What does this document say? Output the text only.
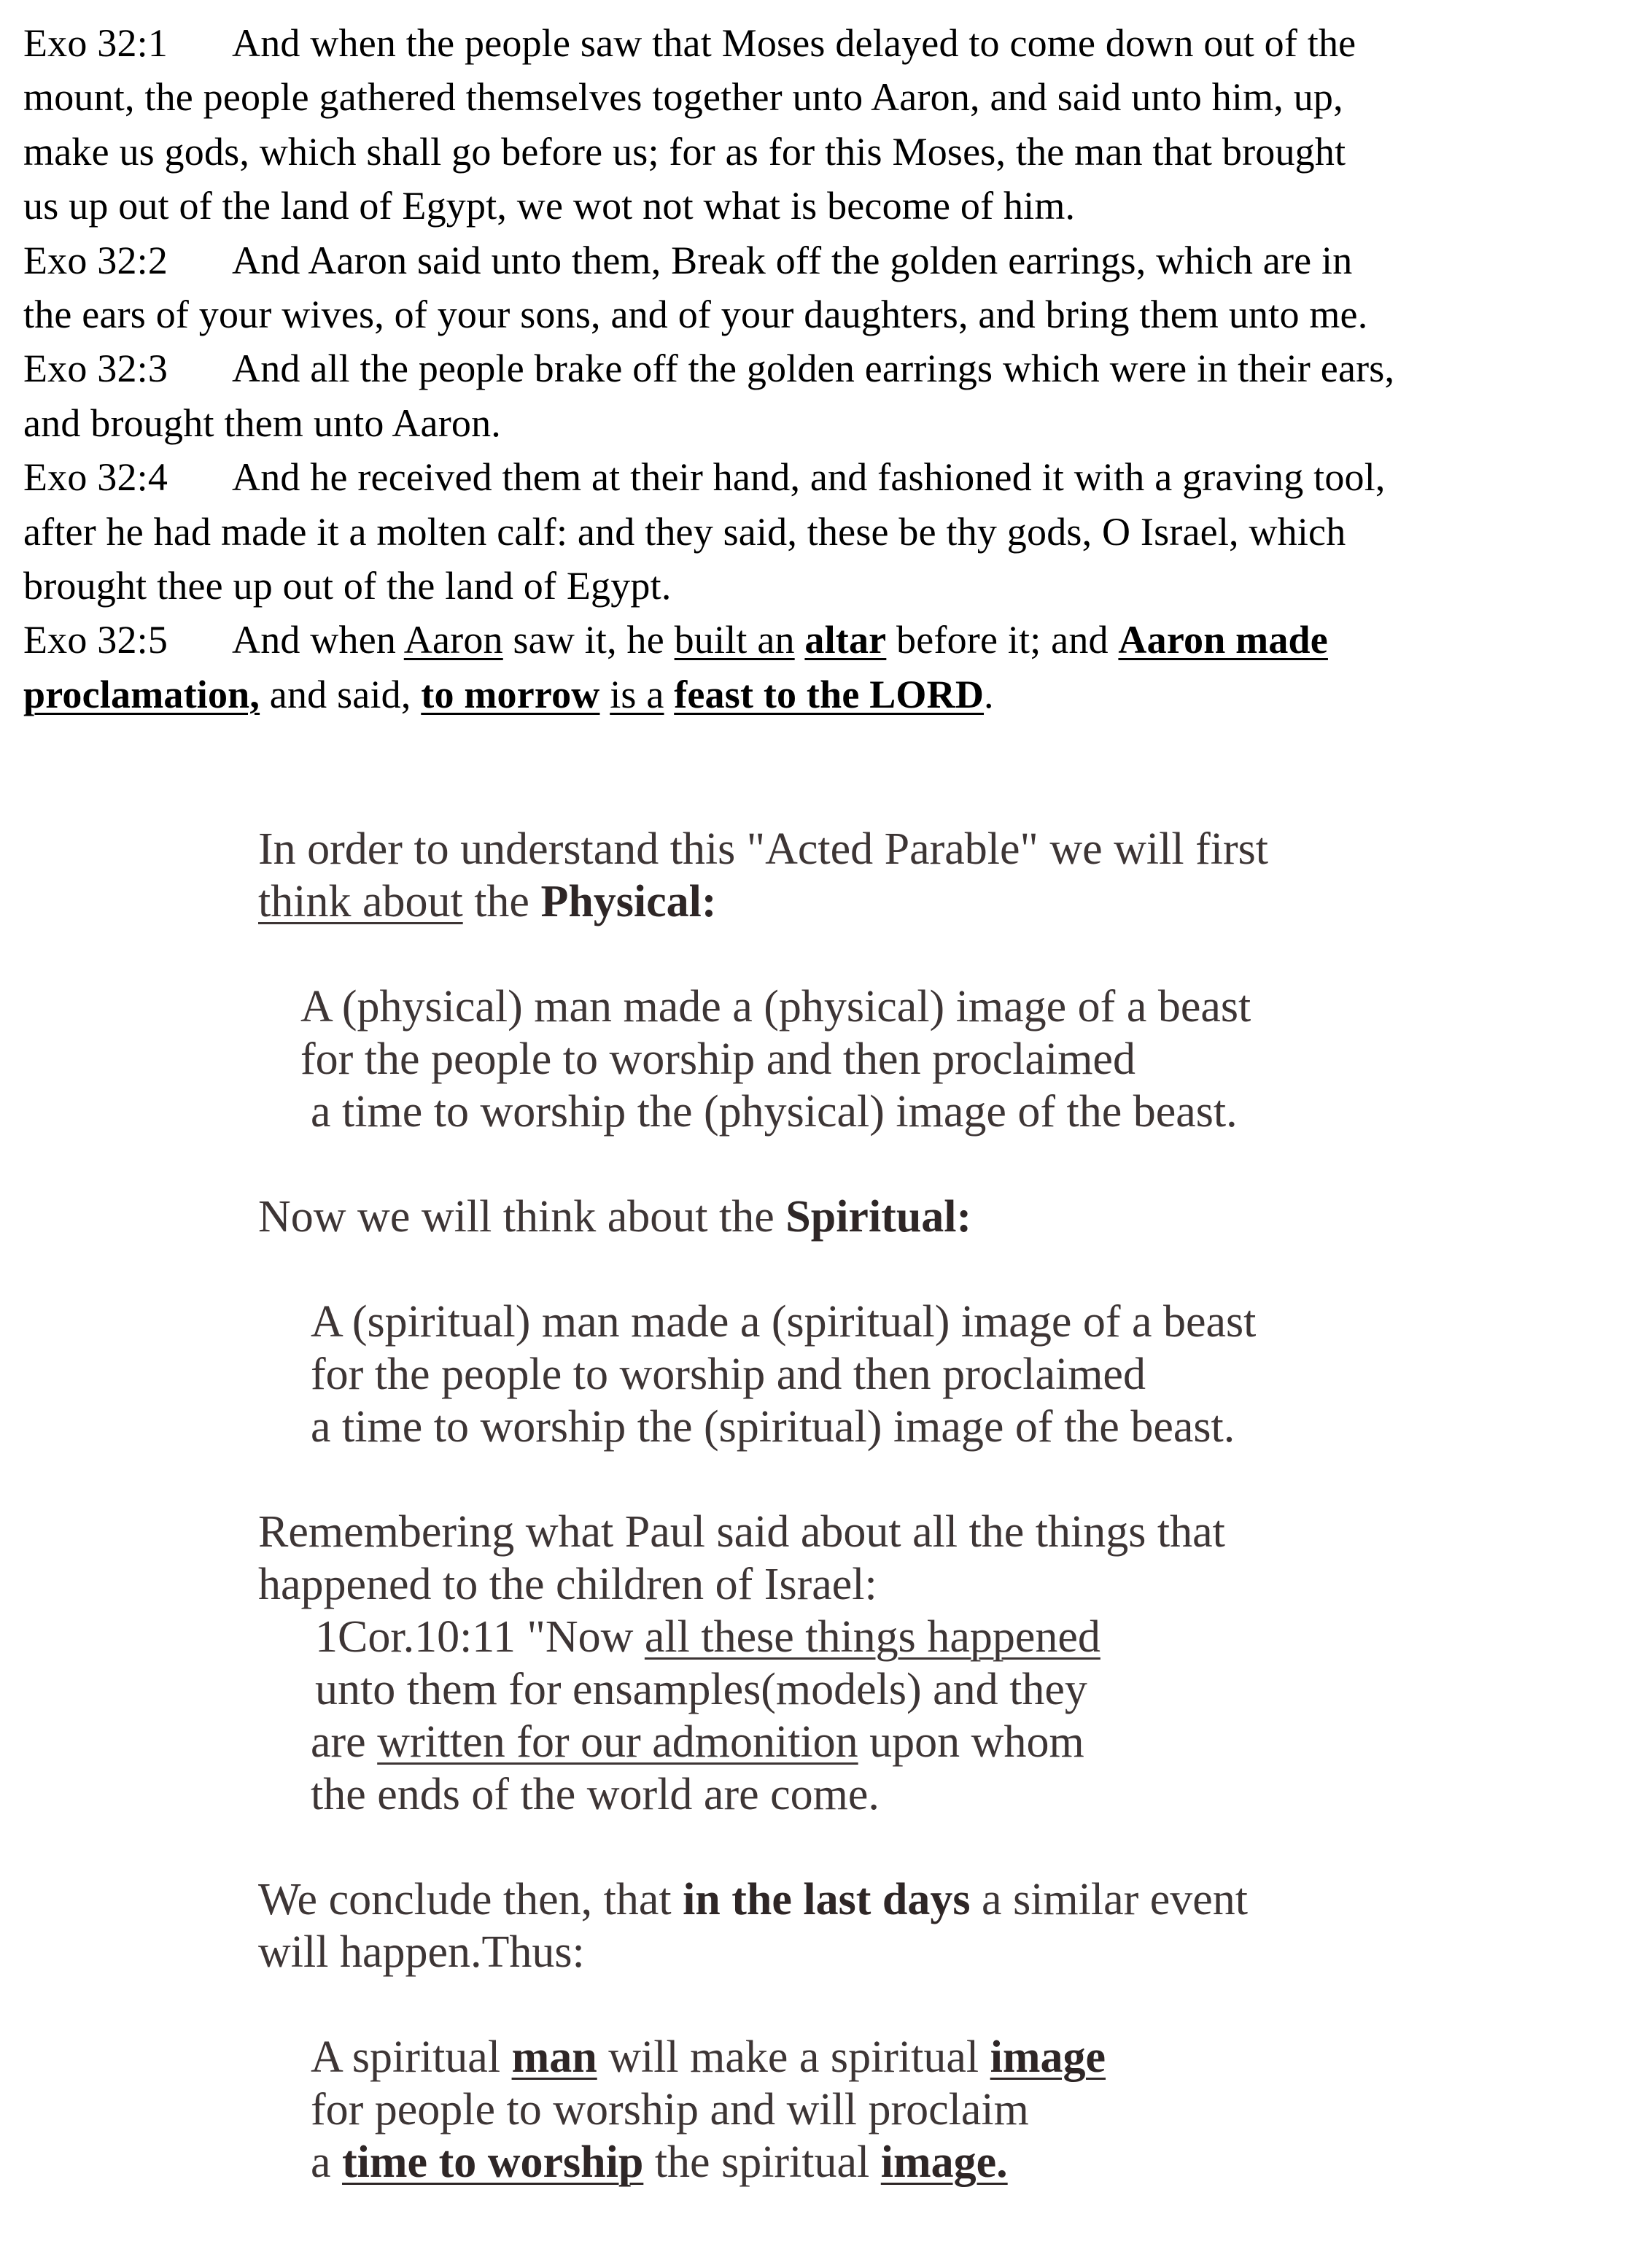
Exo 32:1 And when the people saw that Moses delayed to come down out of the

mount, the people gathered themselves together unto Aaron, and said unto him, up,

make us gods, which shall go before us; for as for this Moses, the man that brought

us up out of the land of Egypt, we wot not what is become of him.

Exo 32:2 And Aaron said unto them, Break off the golden earrings, which are in

the ears of your wives, of your sons, and of your daughters, and bring them unto me.

Exo 32:3 And all the people brake off the golden earrings which were in their ears,

and brought them unto Aaron.

Exo 32:4 And he received them at their hand, and fashioned it with a graving tool,

after he had made it a molten calf: and they said, these be thy gods, O Israel, which

brought thee up out of the land of Egypt.

Exo 32:5 And when Aaron saw it, he built an altar before it; and Aaron made

proclamation, and said, to morrow is a feast to the LORD.

In order to understand this "Acted Parable" we will first

think about the Physical:

A (physical) man made a (physical) image of a beast

for the people to worship and then proclaimed

a time to worship the (physical) image of the beast.

Now we will think about the Spiritual:

A (spiritual) man made a (spiritual) image of a beast

for the people to worship and then proclaimed

a time to worship the (spiritual) image of the beast.

Remembering what Paul said about all the things that

happened to the children of Israel:

1Cor.10:11 "Now all these things happened

unto them for ensamples(models) and they

are written for our admonition upon whom

the ends of the world are come.

We conclude then, that in the last days a similar event

will happen.Thus:

A spiritual man will make a spiritual image

for people to worship and will proclaim

a time to worship the spiritual image.
